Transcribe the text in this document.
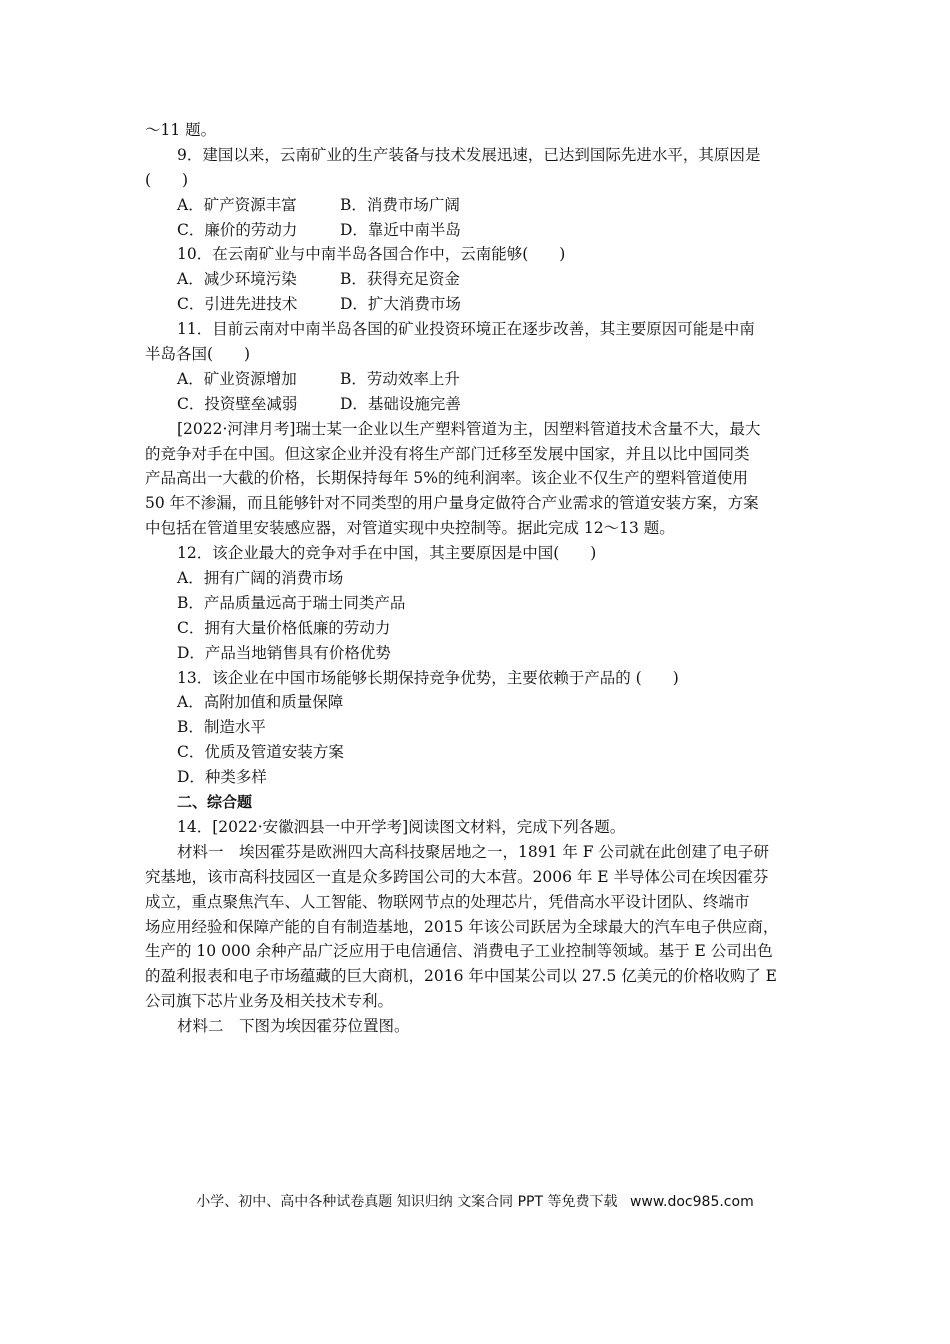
～11 题。
9．建国以来，云南矿业的生产装备与技术发展迅速，已达到国际先进水平，其原因是
(　　)
A．矿产资源丰富	B．消费市场广阔
C．廉价的劳动力	D．靠近中南半岛
10．在云南矿业与中南半岛各国合作中，云南能够(　　)
A．减少环境污染	B．获得充足资金
C．引进先进技术	D．扩大消费市场
11．目前云南对中南半岛各国的矿业投资环境正在逐步改善，其主要原因可能是中南
半岛各国(　　)
A．矿业资源增加	B．劳动效率上升
C．投资壁垒减弱	D．基础设施完善
[2022·河津月考]瑞士某一企业以生产塑料管道为主，因塑料管道技术含量不大，最大
的竞争对手在中国。但这家企业并没有将生产部门迁移至发展中国家，并且以比中国同类
产品高出一大截的价格，长期保持每年 5%的纯利润率。该企业不仅生产的塑料管道使用
50 年不渗漏，而且能够针对不同类型的用户量身定做符合产业需求的管道安装方案，方案
中包括在管道里安装感应器，对管道实现中央控制等。据此完成 12～13 题。
12．该企业最大的竞争对手在中国，其主要原因是中国(　　)
A．拥有广阔的消费市场
B．产品质量远高于瑞士同类产品
C．拥有大量价格低廉的劳动力
D．产品当地销售具有价格优势
13．该企业在中国市场能够长期保持竞争优势，主要依赖于产品的 (　　)
A．高附加值和质量保障
B．制造水平
C．优质及管道安装方案
D．种类多样
二、综合题
14．[2022·安徽泗县一中开学考]阅读图文材料，完成下列各题。
材料一　埃因霍芬是欧洲四大高科技聚居地之一，1891 年 F 公司就在此创建了电子研
究基地，该市高科技园区一直是众多跨国公司的大本营。2006 年 E 半导体公司在埃因霍芬
成立，重点聚焦汽车、人工智能、物联网节点的处理芯片，凭借高水平设计团队、终端市
场应用经验和保障产能的自有制造基地，2015 年该公司跃居为全球最大的汽车电子供应商，
生产的 10 000 余种产品广泛应用于电信通信、消费电子工业控制等领域。基于 E 公司出色
的盈利报表和电子市场蕴藏的巨大商机，2016 年中国某公司以 27.5 亿美元的价格收购了 E
公司旗下芯片业务及相关技术专利。
材料二　下图为埃因霍芬位置图。
小学、初中、高中各种试卷真题 知识归纳 文案合同 PPT 等免费下载 www.doc985.com
